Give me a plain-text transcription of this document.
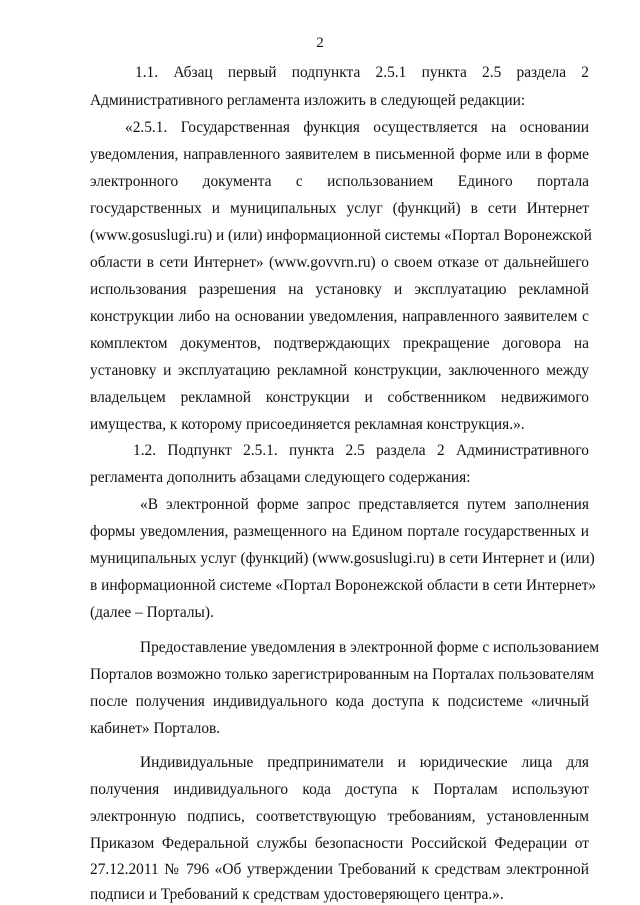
2
1.1. Абзац первый подпункта 2.5.1 пункта 2.5 раздела 2
Административного регламента изложить в следующей редакции:
«2.5.1. Государственная функция осуществляется на основании
уведомления, направленного заявителем в письменной форме или в форме
электронного документа с использованием Единого портала
государственных и муниципальных услуг (функций) в сети Интернет
(www.gosuslugi.ru) и (или) информационной системы «Портал Воронежской
области в сети Интернет» (www.govvrn.ru) о своем отказе от дальнейшего
использования разрешения на установку и эксплуатацию рекламной
конструкции либо на основании уведомления, направленного заявителем с
комплектом документов, подтверждающих прекращение договора на
установку и эксплуатацию рекламной конструкции, заключенного между
владельцем рекламной конструкции и собственником недвижимого
имущества, к которому присоединяется рекламная конструкция.».
1.2. Подпункт 2.5.1. пункта 2.5 раздела 2 Административного
регламента дополнить абзацами следующего содержания:
«В электронной форме запрос представляется путем заполнения
формы уведомления, размещенного на Едином портале государственных и
муниципальных услуг (функций) (www.gosuslugi.ru) в сети Интернет и (или)
в информационной системе «Портал Воронежской области в сети Интернет»
(далее – Порталы).
Предоставление уведомления в электронной форме с использованием
Порталов возможно только зарегистрированным на Порталах пользователям
после получения индивидуального кода доступа к подсистеме «личный
кабинет» Порталов.
Индивидуальные предприниматели и юридические лица для
получения индивидуального кода доступа к Порталам используют
электронную подпись, соответствующую требованиям, установленным
Приказом Федеральной службы безопасности Российской Федерации от
27.12.2011 № 796 «Об утверждении Требований к средствам электронной
подписи и Требований к средствам удостоверяющего центра.».
